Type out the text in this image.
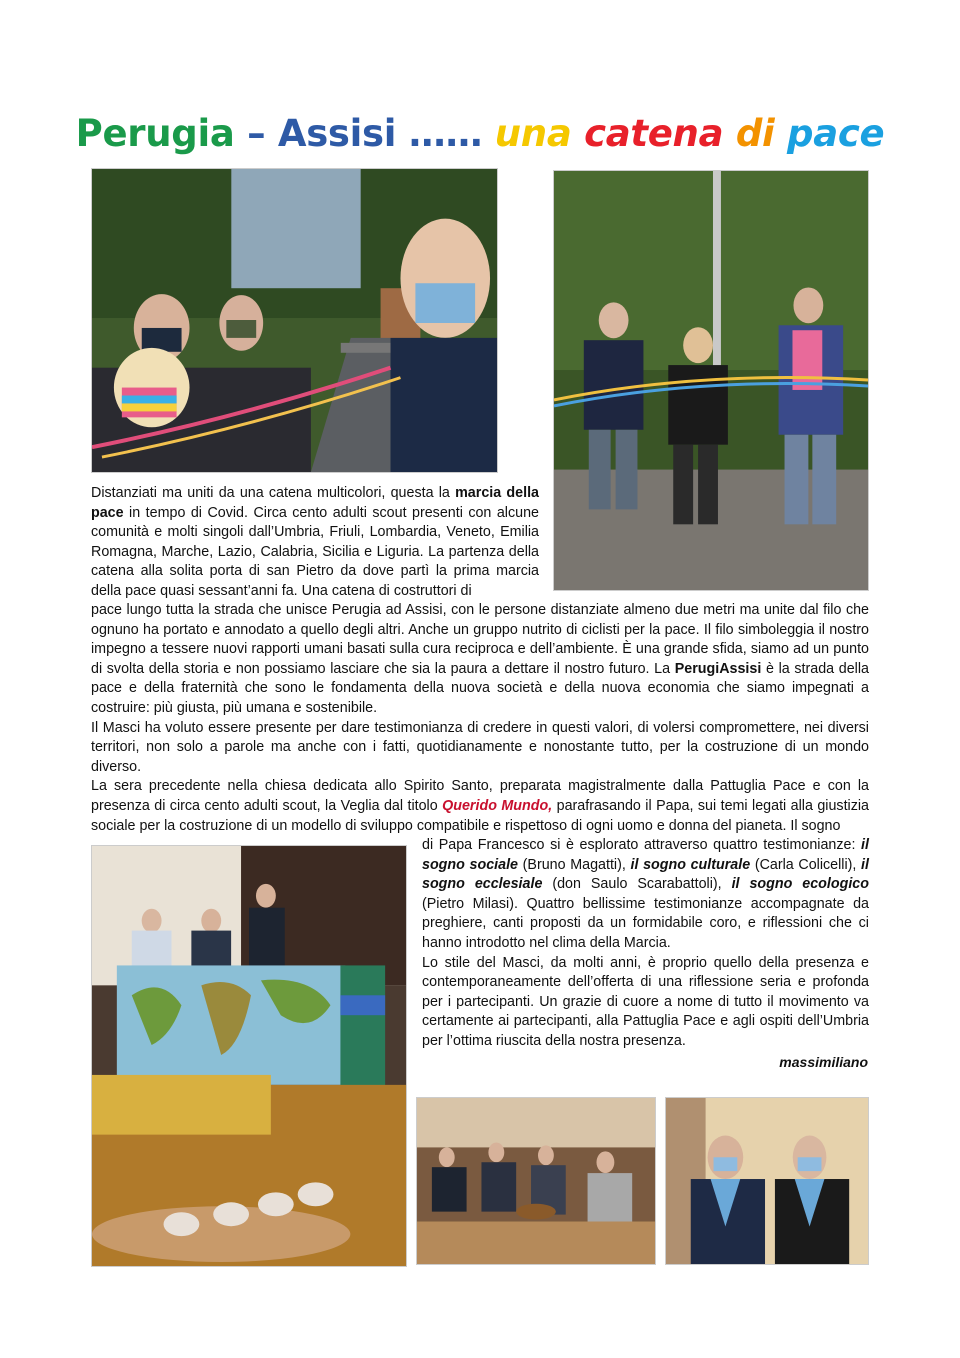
Perugia – Assisi …… una catena di pace

Distanziati ma uniti da una catena multicolori, questa la marcia della pace in tempo di Covid. Circa cento adulti scout presenti con alcune comunità e molti singoli dall’Umbria, Friuli, Lombardia, Veneto, Emilia Romagna, Marche, Lazio, Calabria, Sicilia e Liguria. La partenza della catena alla solita porta di san Pietro da dove partì la prima marcia della pace quasi sessant’anni fa. Una catena di costruttori di

pace lungo tutta la strada che unisce Perugia ad Assisi, con le persone distanziate almeno due metri ma unite dal filo che ognuno ha portato e annodato a quello degli altri. Anche un gruppo nutrito di ciclisti per la pace. Il filo simboleggia il nostro impegno a tessere nuovi rapporti umani basati sulla cura reciproca e dell’ambiente. È una grande sfida, siamo ad un punto di svolta della storia e non possiamo lasciare che sia la paura a dettare il nostro futuro. La PerugiAssisi è la strada della pace e della fraternità che sono le fondamenta della nuova società e della nuova economia che siamo impegnati a costruire: più giusta, più umana e sostenibile.

Il Masci ha voluto essere presente per dare testimonianza di credere in questi valori, di volersi compromettere, nei diversi territori, non solo a parole ma anche con i fatti, quotidianamente e nonostante tutto, per la costruzione di un mondo diverso.

La sera precedente nella chiesa dedicata allo Spirito Santo, preparata magistralmente dalla Pattuglia Pace e con la presenza di circa cento adulti scout, la Veglia dal titolo Querido Mundo, parafrasando il Papa, sui temi legati alla giustizia sociale per la costruzione di un modello di sviluppo compatibile e rispettoso di ogni uomo e donna del pianeta. Il sogno

di Papa Francesco si è esplorato attraverso quattro testimonianze: il sogno sociale (Bruno Magatti), il sogno culturale (Carla Colicelli), il sogno ecclesiale (don Saulo Scarabattoli), il sogno ecologico (Pietro Milasi). Quattro bellissime testimonianze accompagnate da preghiere, canti proposti da un formidabile coro, e riflessioni che ci hanno introdotto nel clima della Marcia.

Lo stile del Masci, da molti anni, è proprio quello della presenza e contemporaneamente dell’offerta di una riflessione seria e profonda per i partecipanti. Un grazie di cuore a nome di tutto il movimento va certamente ai partecipanti, alla Pattuglia Pace e agli ospiti dell’Umbria per l’ottima riuscita della nostra presenza.

massimiliano
